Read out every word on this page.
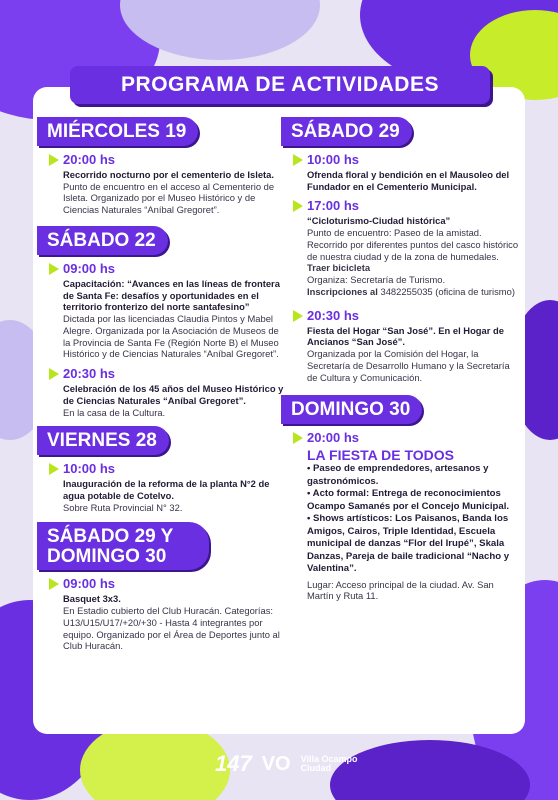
MIÉRCOLES 19
20:00 hs
Recorrido nocturno por el cementerio de Isleta.
Punto de encuentro en el acceso al Cementerio de Isleta. Organizado por el Museo Histórico y de Ciencias Naturales “Aníbal Gregoret”.
SÁBADO 22
09:00 hs
Capacitación: “Avances en las líneas de frontera de Santa Fe: desafíos y oportunidades en el territorio fronterizo del norte santafesino”
Dictada por las licenciadas Claudia Pintos y Mabel Alegre. Organizada por la Asociación de Museos de la Provincia de Santa Fe (Región Norte B) el Museo Histórico y de Ciencias Naturales “Aníbal Gregoret”.
20:30 hs
Celebración de los 45 años del Museo Histórico y de Ciencias Naturales “Aníbal Gregoret”.
En la casa de la Cultura.
VIERNES 28
10:00 hs
Inauguración de la reforma de la planta N°2 de agua potable de Cotelvo.
Sobre Ruta Provincial N° 32.
SÁBADO 29 Y DOMINGO 30
09:00 hs
Basquet 3x3.
En Estadio cubierto del Club Huracán. Categorías: U13/U15/U17/+20/+30 - Hasta 4 integrantes por equipo. Organizado por el Área de Deportes junto al Club Huracán.
SÁBADO 29
10:00 hs
Ofrenda floral y bendición en el Mausoleo del Fundador en el Cementerio Municipal.
17:00 hs
“Cicloturismo-Ciudad histórica”
Punto de encuentro: Paseo de la amistad. Recorrido por diferentes puntos del casco histórico de nuestra ciudad y de la zona de humedales. Traer bicicleta
Organiza: Secretaría de Turismo.
Inscripciones al 3482255035 (oficina de turismo)
20:30 hs
Fiesta del Hogar “San José”. En el Hogar de Ancianos “San José”.
Organizada por la Comisión del Hogar, la Secretaría de Desarrollo Humano y la Secretaría de Cultura y Comunicación.
DOMINGO 30
20:00 hs
LA FIESTA DE TODOS
• Paseo de emprendedores, artesanos y gastronómicos.
• Acto formal: Entrega de reconocimientos Ocampo Samanés por el Concejo Municipal.
• Shows artísticos: Los Paisanos, Banda los Amigos, Cairos, Triple Identidad, Escuela municipal de danzas “Flor del Irupé”, Skala Danzas, Pareja de baile tradicional “Nacho y Valentina”.
Lugar: Acceso principal de la ciudad. Av. San Martín y Ruta 11.
PROGRAMA DE ACTIVIDADES
147 VO Villa Ocampo
Ciudad
